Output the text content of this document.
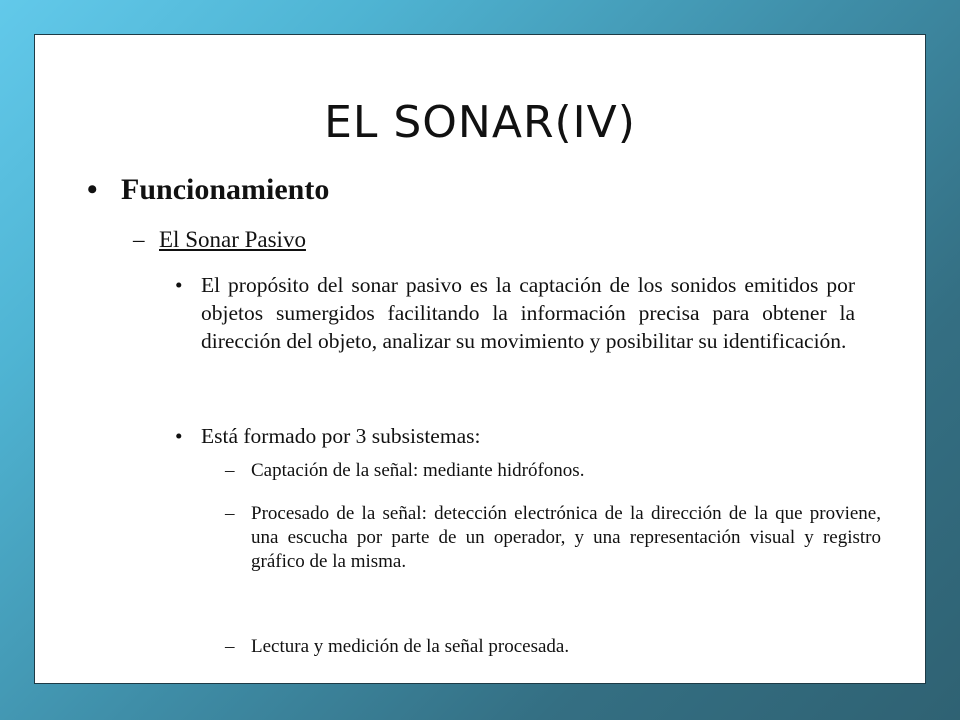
EL SONAR(IV)
• Funcionamiento
– El Sonar Pasivo
• El propósito del sonar pasivo es la captación de los sonidos emitidos por objetos sumergidos facilitando la información precisa para obtener la dirección del objeto, analizar su movimiento y posibilitar su identificación.
• Está formado por 3 subsistemas:
– Captación de la señal: mediante hidrófonos.
– Procesado de la señal: detección electrónica de la dirección de la que proviene, una escucha por parte de un operador, y una representación visual y registro gráfico de la misma.
– Lectura y medición de la señal procesada.
